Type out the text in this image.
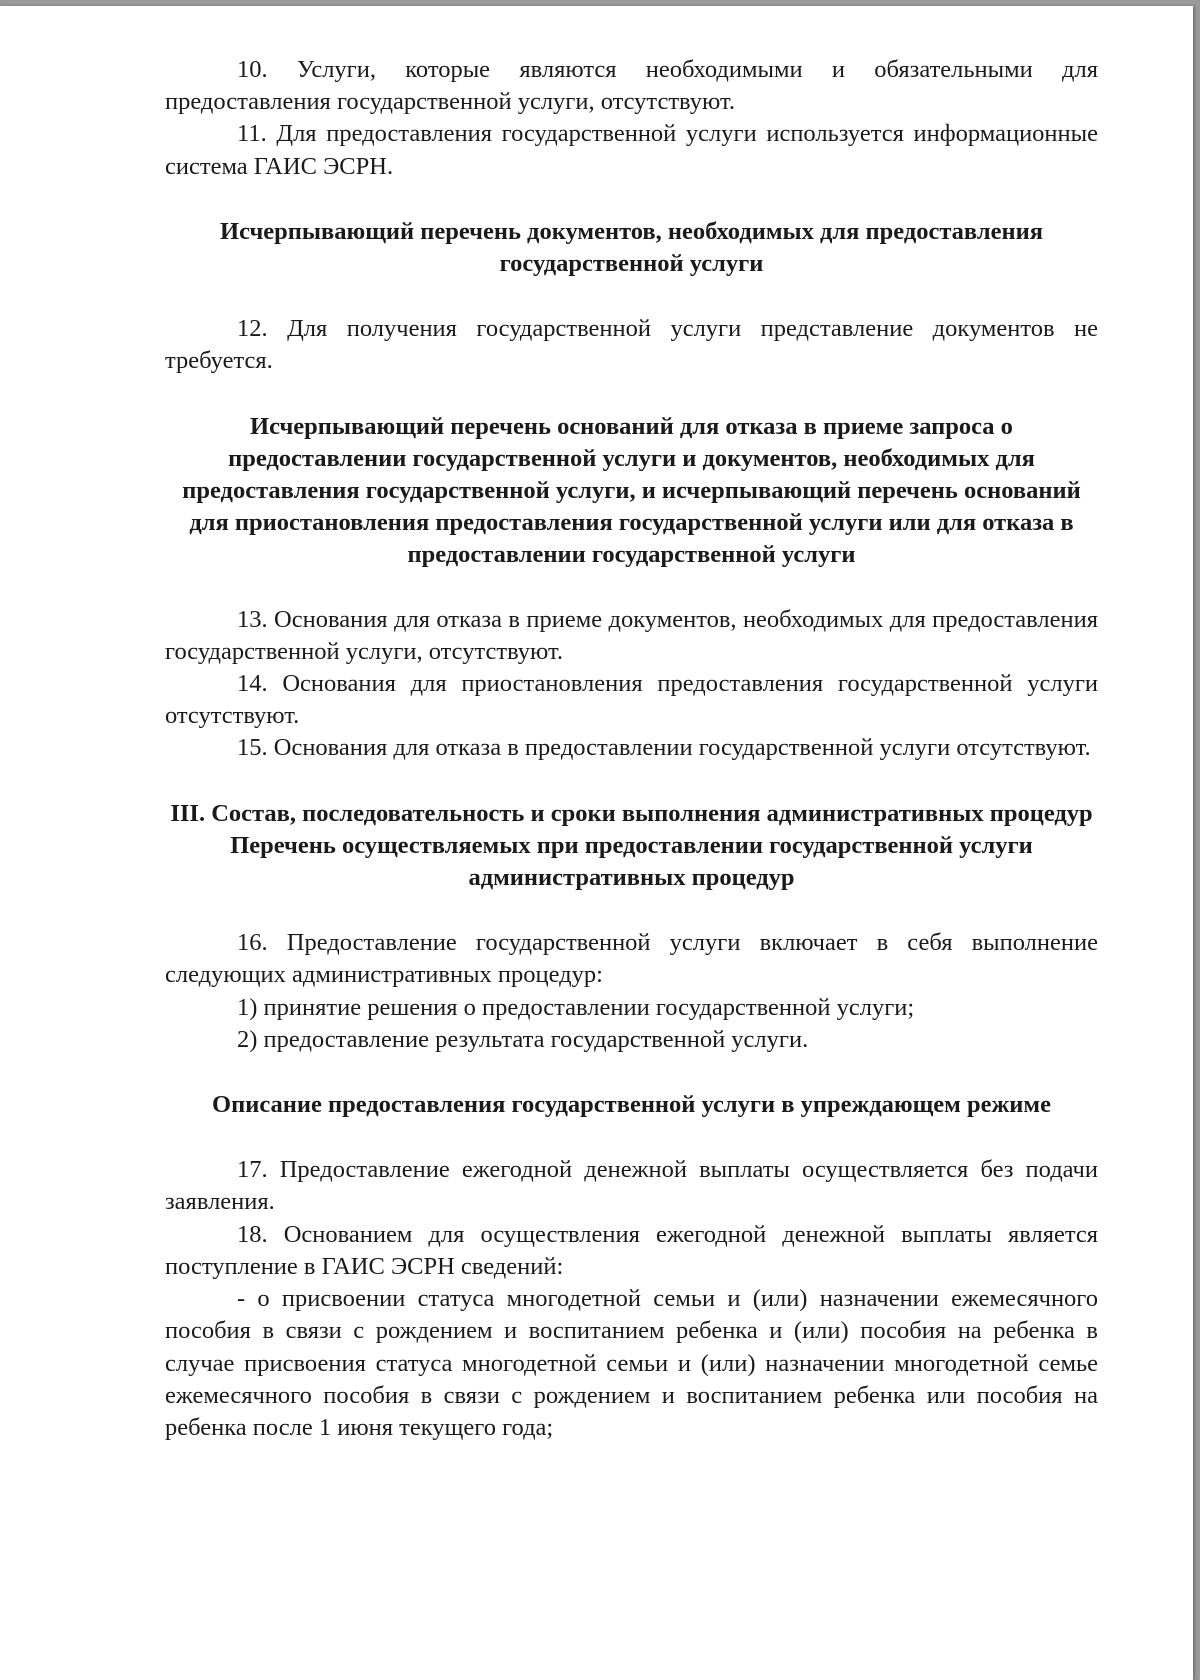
10. Услуги, которые являются необходимыми и обязательными для предоставления государственной услуги, отсутствуют.

11. Для предоставления государственной услуги используется информационные система ГАИС ЭСРН.

Исчерпывающий перечень документов, необходимых для предоставления государственной услуги

12. Для получения государственной услуги представление документов не требуется.

Исчерпывающий перечень оснований для отказа в приеме запроса о предоставлении государственной услуги и документов, необходимых для предоставления государственной услуги, и исчерпывающий перечень оснований для приостановления предоставления государственной услуги или для отказа в предоставлении государственной услуги

13. Основания для отказа в приеме документов, необходимых для предоставления государственной услуги, отсутствуют.

14. Основания для приостановления предоставления государственной услуги отсутствуют.

15. Основания для отказа в предоставлении государственной услуги отсутствуют.

III. Состав, последовательность и сроки выполнения административных процедур
Перечень осуществляемых при предоставлении государственной услуги административных процедур

16. Предоставление государственной услуги включает в себя выполнение следующих административных процедур:

1) принятие решения о предоставлении государственной услуги;

2) предоставление результата государственной услуги.

Описание предоставления государственной услуги в упреждающем режиме

17. Предоставление ежегодной денежной выплаты осуществляется без подачи заявления.

18. Основанием для осуществления ежегодной денежной выплаты является поступление в ГАИС ЭСРН сведений:

- о присвоении статуса многодетной семьи и (или) назначении ежемесячного пособия в связи с рождением и воспитанием ребенка и (или) пособия на ребенка в случае присвоения статуса многодетной семьи и (или) назначении многодетной семье ежемесячного пособия в связи с рождением и воспитанием ребенка или пособия на ребенка после 1 июня текущего года;
